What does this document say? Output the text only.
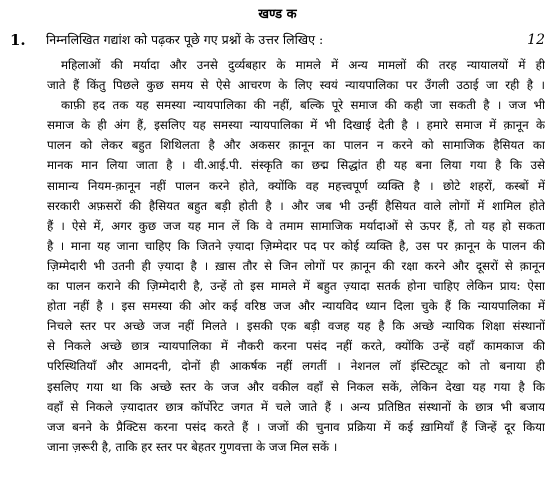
खण्ड क
1. निम्नलिखित गद्यांश को पढ़कर पूछे गए प्रश्नों के उत्तर लिखिए :	12
महिलाओं की मर्यादा और उनसे दुर्व्यबहार के मामले में अन्य मामलों की तरह न्यायालयों में ही
जाते हैं किंतु पिछले कुछ समय से ऐसे आचरण के लिए स्वयं न्यायपालिका पर उँगली उठाई जा रही है ।
काफ़ी हद तक यह समस्या न्यायपालिका की नहीं, बल्कि पूरे समाज की कही जा सकती है । जज भी
समाज के ही अंग हैं, इसलिए यह समस्या न्यायपालिका में भी दिखाई देती है । हमारे समाज में क़ानून के
पालन को लेकर बहुत शिथिलता है और अकसर क़ानून का पालन न करने को सामाजिक हैसियत का
मानक मान लिया जाता है । वी.आई.पी. संस्कृति का छद्म सिद्धांत ही यह बना लिया गया है कि उसे
सामान्य नियम-क़ानून नहीं पालन करने होते, क्योंकि वह महत्त्वपूर्ण व्यक्ति है । छोटे शहरों, कस्बों में
सरकारी अफ़सरों की हैसियत बहुत बड़ी होती है । और जब भी उन्हीं हैसियत वाले लोगों में शामिल होते
हैं । ऐसे में, अगर कुछ जज यह मान लें कि वे तमाम सामाजिक मर्यादाओं से ऊपर हैं, तो यह हो सकता
है । माना यह जाना चाहिए कि जितने ज़्यादा ज़िम्मेदार पद पर कोई व्यक्ति है, उस पर क़ानून के पालन की
ज़िम्मेदारी भी उतनी ही ज़्यादा है । ख़ास तौर से जिन लोगों पर क़ानून की रक्षा करने और दूसरों से क़ानून
का पालन कराने की ज़िम्मेदारी है, उन्हें तो इस मामले में बहुत ज़्यादा सतर्क होना चाहिए लेकिन प्राय: ऐसा
होता नहीं है । इस समस्या की ओर कई वरिष्ठ जज और न्यायविद ध्यान दिला चुके हैं कि न्यायपालिका में
निचले स्तर पर अच्छे जज नहीं मिलते । इसकी एक बड़ी वजह यह है कि अच्छे न्यायिक शिक्षा संस्थानों
से निकले अच्छे छात्र न्यायपालिका में नौकरी करना पसंद नहीं करते, क्योंकि उन्हें वहाँ कामकाज की
परिस्थितियाँ और आमदनी, दोनों ही आकर्षक नहीं लगतीं । नेशनल लॉ इंस्टिट्यूट को तो बनाया ही
इसलिए गया था कि अच्छे स्तर के जज और वकील वहाँ से निकल सकें, लेकिन देखा यह गया है कि
वहाँ से निकले ज़्यादातर छात्र कॉर्पोरेट जगत में चले जाते हैं । अन्य प्रतिष्ठित संस्थानों के छात्र भी बजाय
जज बनने के प्रैक्टिस करना पसंद करते हैं । जजों की चुनाव प्रक्रिया में कई ख़ामियाँ हैं जिन्हें दूर किया
जाना ज़रूरी है, ताकि हर स्तर पर बेहतर गुणवत्ता के जज मिल सकें ।
